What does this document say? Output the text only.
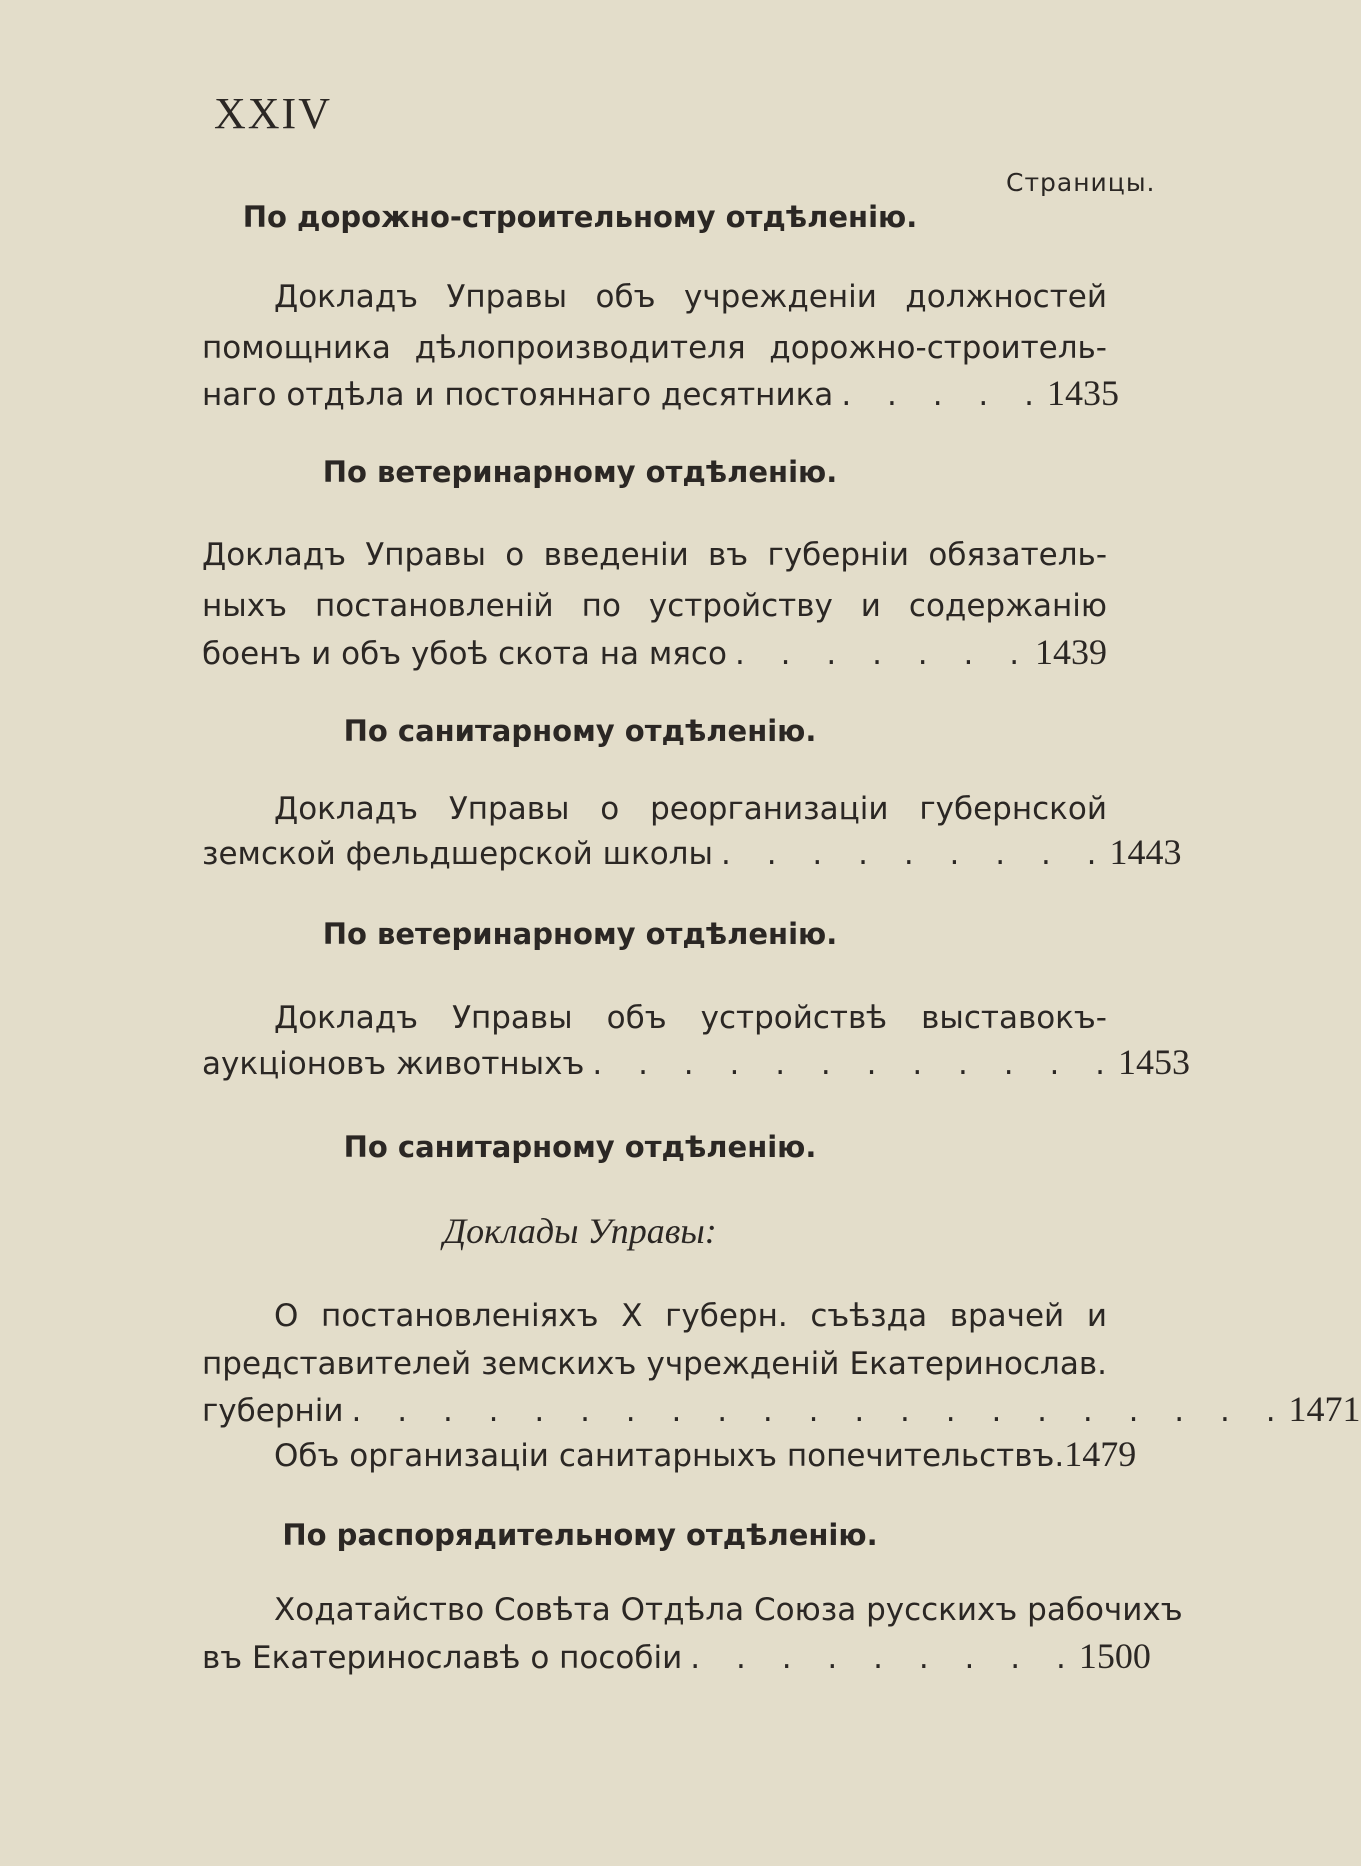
XXIV
Страницы.
По дорожно-строительному отдѣленію.
Докладъ Управы объ учрежденіи должностей
помощника дѣлопроизводителя дорожно-строитель-
наго отдѣла и постояннаго десятника . . . . . 1435
По ветеринарному отдѣленію.
Докладъ Управы о введеніи въ губерніи обязатель-
ныхъ постановленій по устройству и содержанію
боенъ и объ убоѣ скота на мясо . . . . . . . 1439
По санитарному отдѣленію.
Докладъ Управы о реорганизаціи губернской
земской фельдшерской школы . . . . . . . . . 1443
По ветеринарному отдѣленію.
Докладъ Управы объ устройствѣ выставокъ-
аукціоновъ животныхъ . . . . . . . . . . . . 1453
По санитарному отдѣленію.
Доклады Управы:
О постановленіяхъ X губерн. съѣзда врачей и
представителей земскихъ учрежденій Екатеринослав.
губерніи . . . . . . . . . . . . . . . . . . . . . 1471
Объ организаціи санитарныхъ попечительствъ. 1479
По распорядительному отдѣленію.
Ходатайство Совѣта Отдѣла Союза русскихъ рабочихъ
въ Екатеринославѣ о пособіи . . . . . . . . . 1500
